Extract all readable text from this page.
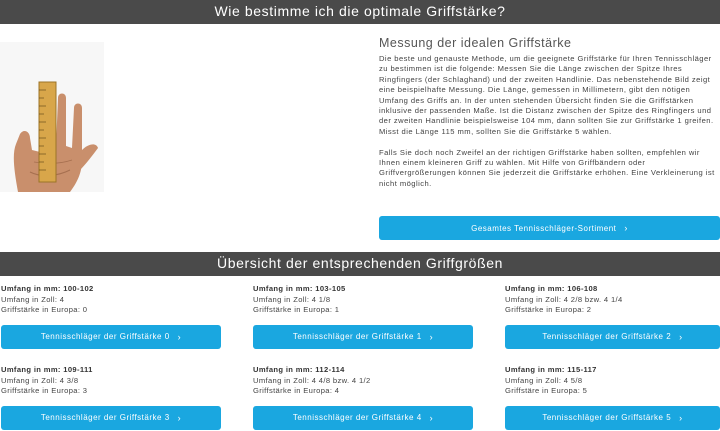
Wie bestimme ich die optimale Griffstärke?
Messung der idealen Griffstärke

Die beste und genauste Methode, um die geeignete Griffstärke für Ihren Tennisschläger zu bestimmen ist die folgende: Messen Sie die Länge zwischen der Spitze Ihres Ringfingers (der Schlaghand) und der zweiten Handlinie. Das nebenstehende Bild zeigt eine beispielhafte Messung. Die Länge, gemessen in Millimetern, gibt den nötigen Umfang des Griffs an. In der unten stehenden Übersicht finden Sie die Griffstärken inklusive der passenden Maße. Ist die Distanz zwischen der Spitze des Ringfingers und der zweiten Handlinie beispielsweise 104 mm, dann sollten Sie zur Griffstärke 1 greifen. Misst die Länge 115 mm, sollten Sie die Griffstärke 5 wählen.

Falls Sie doch noch Zweifel an der richtigen Griffstärke haben sollten, empfehlen wir Ihnen einem kleineren Griff zu wählen. Mit Hilfe von Griffbändern oder Griffvergrößerungen können Sie jederzeit die Griffstärke erhöhen. Eine Verkleinerung ist nicht möglich.

Gesamtes Tennisschläger-Sortiment ›
Übersicht der entsprechenden Griffgrößen
Umfang in mm: 100-102
Umfang in Zoll: 4
Griffstärke in Europa: 0
Tennisschläger der Griffstärke 0 ›
Umfang in mm: 103-105
Umfang in Zoll: 4 1/8
Griffstärke in Europa: 1
Tennisschläger der Griffstärke 1 ›
Umfang in mm: 106-108
Umfang in Zoll: 4 2/8 bzw. 4 1/4
Griffstärke in Europa: 2
Tennisschläger der Griffstärke 2 ›
Umfang in mm: 109-111
Umfang in Zoll: 4 3/8
Griffstärke in Europa: 3
Tennisschläger der Griffstärke 3 ›
Umfang in mm: 112-114
Umfang in Zoll: 4 4/8 bzw. 4 1/2
Griffstärke in Europa: 4
Tennisschläger der Griffstärke 4 ›
Umfang in mm: 115-117
Umfang in Zoll: 4 5/8
Griffstäre in Europa: 5
Tennisschläger der Griffstärke 5 ›
